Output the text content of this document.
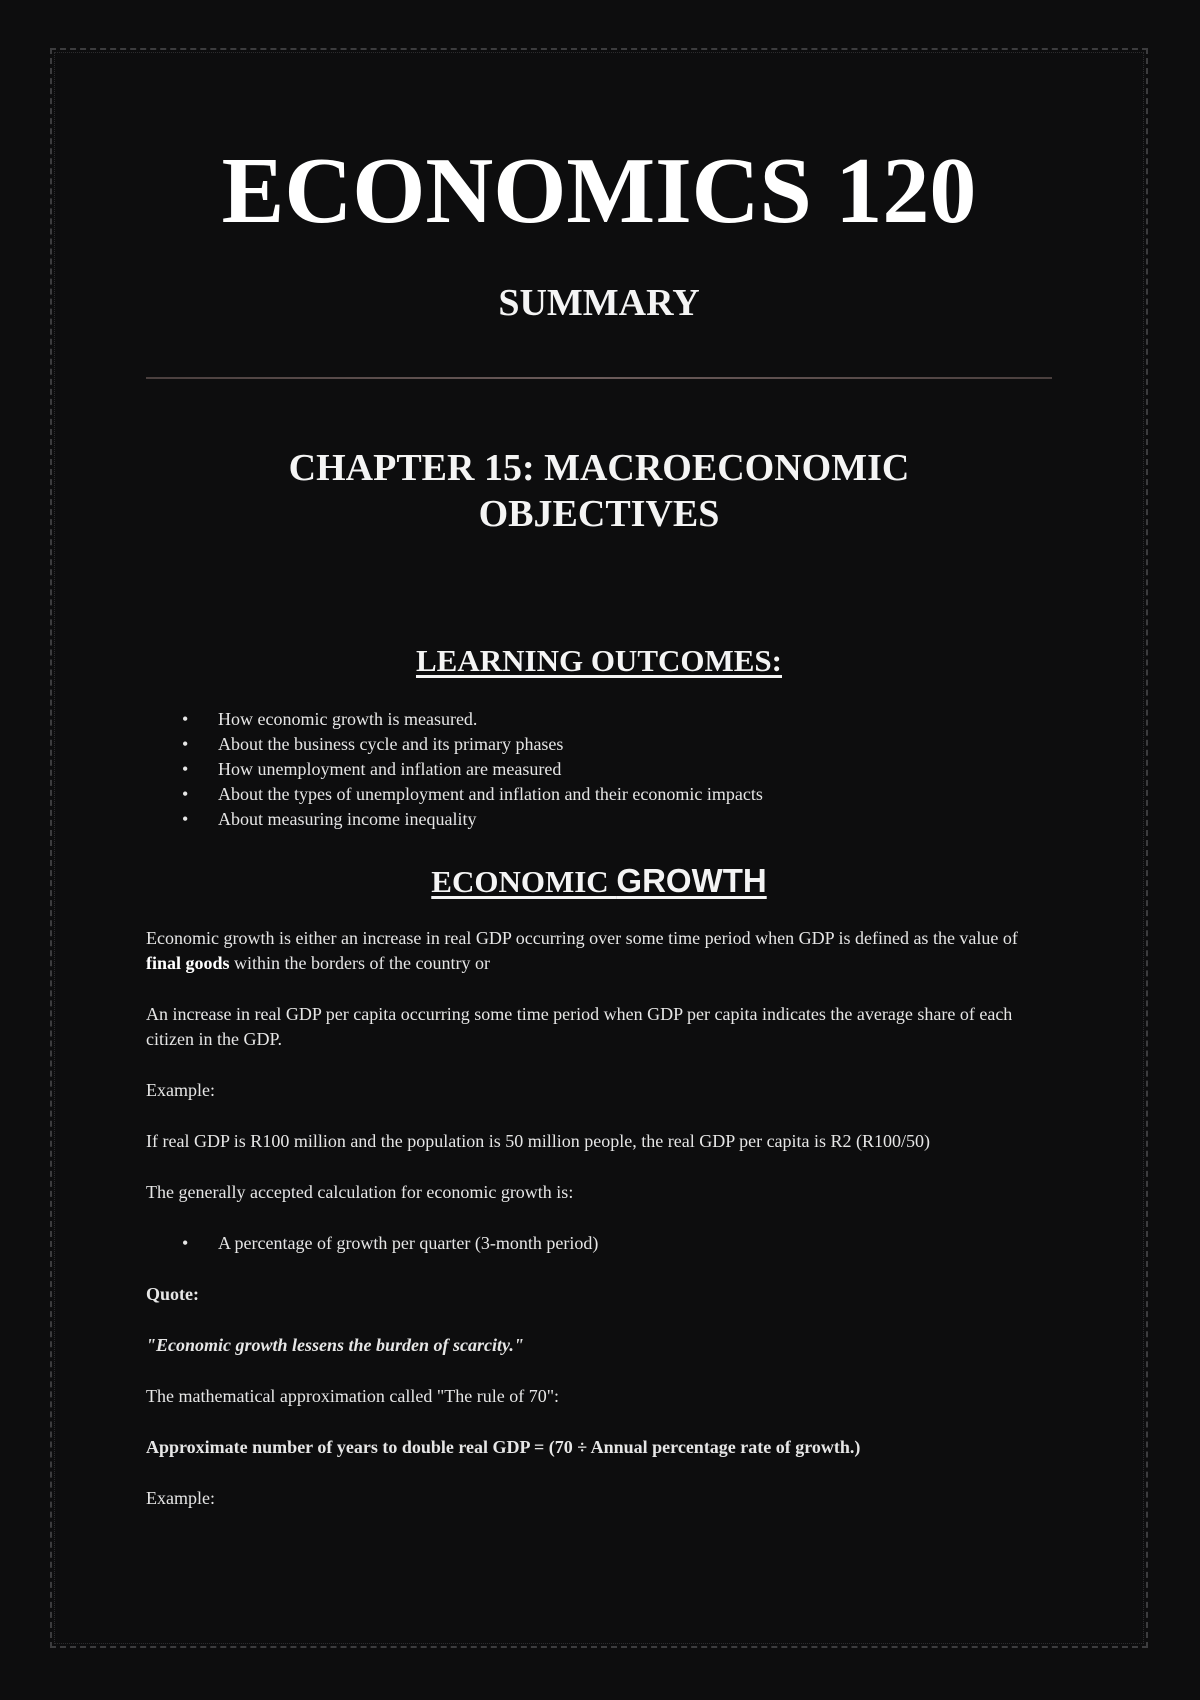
ECONOMICS 120
SUMMARY
CHAPTER 15: MACROECONOMIC
OBJECTIVES
LEARNING OUTCOMES:
• How economic growth is measured.
• About the business cycle and its primary phases
• How unemployment and inflation are measured
• About the types of unemployment and inflation and their economic impacts
• About measuring income inequality
ECONOMIC GROWTH

Economic growth is either an increase in real GDP occurring over some time period when GDP is defined as the value of final goods within the borders of the country or

An increase in real GDP per capita occurring some time period when GDP per capita indicates the average share of each citizen in the GDP.

Example:

If real GDP is R100 million and the population is 50 million people, the real GDP per capita is R2 (R100/50)

The generally accepted calculation for economic growth is:

• A percentage of growth per quarter (3-month period)

Quote:

"Economic growth lessens the burden of scarcity."

The mathematical approximation called "The rule of 70":

Approximate number of years to double real GDP = (70 ÷ Annual percentage rate of growth.)

Example:
